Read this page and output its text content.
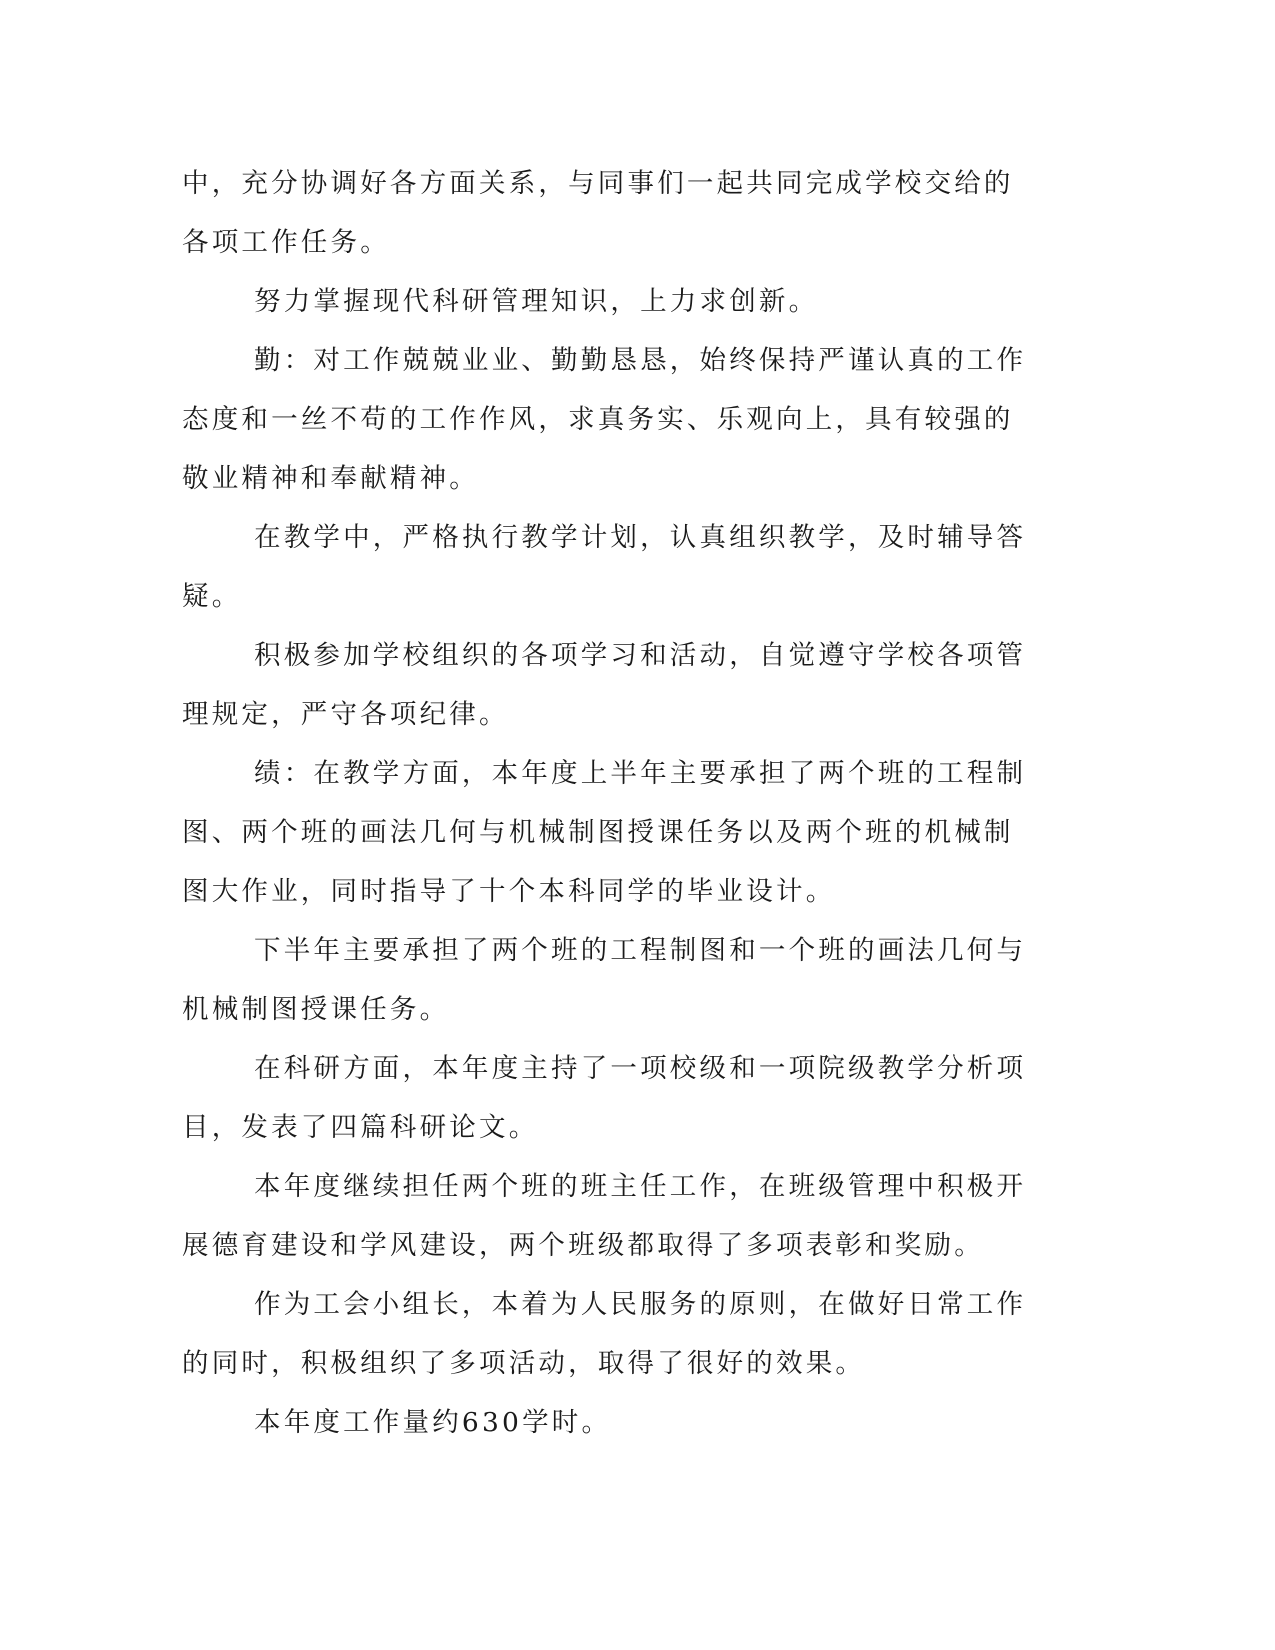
中，充分协调好各方面关系，与同事们一起共同完成学校交给的各项工作任务。

努力掌握现代科研管理知识，上力求创新。

勤：对工作兢兢业业、勤勤恳恳，始终保持严谨认真的工作态度和一丝不苟的工作作风，求真务实、乐观向上，具有较强的敬业精神和奉献精神。

在教学中，严格执行教学计划，认真组织教学，及时辅导答疑。

积极参加学校组织的各项学习和活动，自觉遵守学校各项管理规定，严守各项纪律。

绩：在教学方面，本年度上半年主要承担了两个班的工程制图、两个班的画法几何与机械制图授课任务以及两个班的机械制图大作业，同时指导了十个本科同学的毕业设计。

下半年主要承担了两个班的工程制图和一个班的画法几何与机械制图授课任务。

在科研方面，本年度主持了一项校级和一项院级教学分析项目，发表了四篇科研论文。

本年度继续担任两个班的班主任工作，在班级管理中积极开展德育建设和学风建设，两个班级都取得了多项表彰和奖励。

作为工会小组长，本着为人民服务的原则，在做好日常工作的同时，积极组织了多项活动，取得了很好的效果。

本年度工作量约630学时。
